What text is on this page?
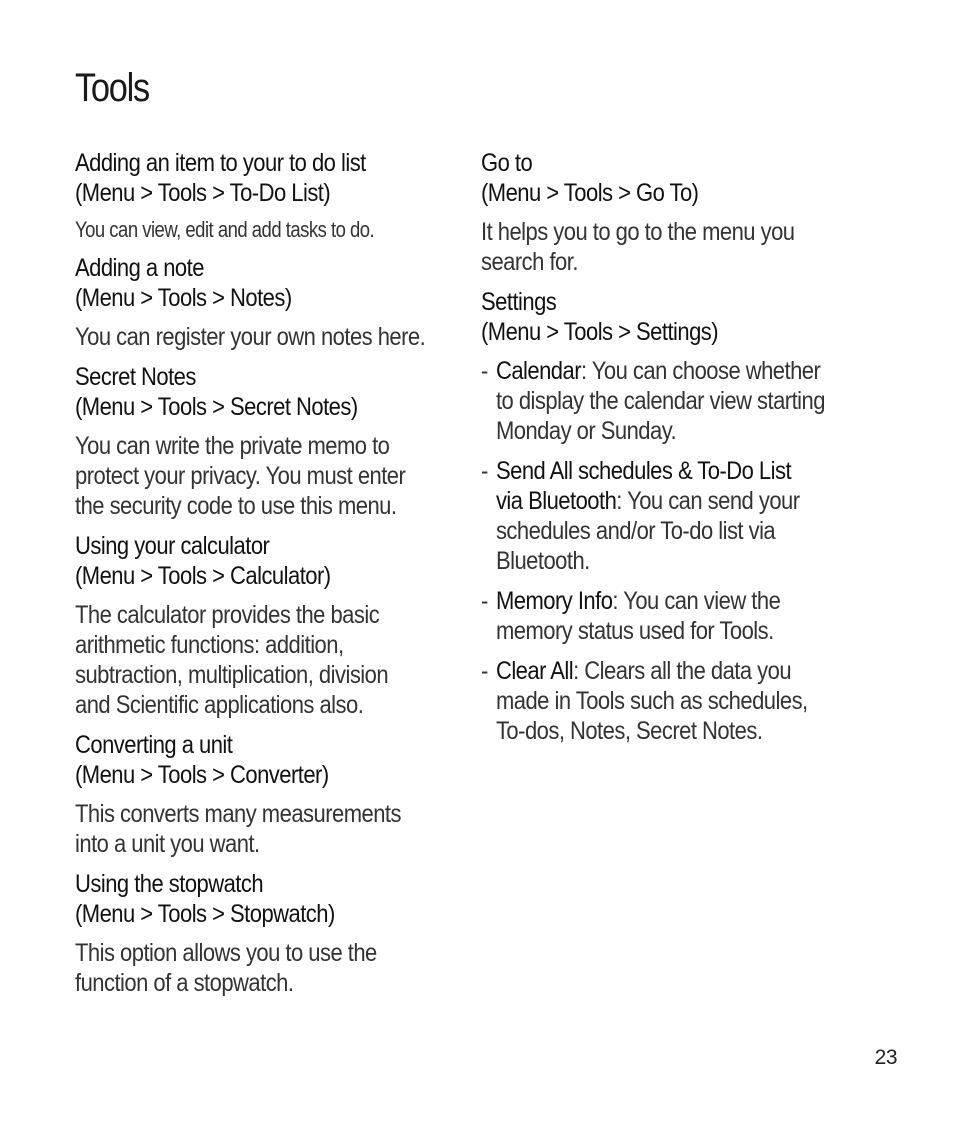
Tools
Adding an item to your to do list
(Menu > Tools > To-Do List)

You can view, edit and add tasks to do.

Adding a note
(Menu > Tools > Notes)

You can register your own notes here.

Secret Notes
(Menu > Tools > Secret Notes)

You can write the private memo to
protect your privacy. You must enter
the security code to use this menu.

Using your calculator
(Menu > Tools > Calculator)

The calculator provides the basic
arithmetic functions: addition,
subtraction, multiplication, division
and Scientific applications also.

Converting a unit
(Menu > Tools > Converter)

This converts many measurements
into a unit you want.

Using the stopwatch
(Menu > Tools > Stopwatch)

This option allows you to use the
function of a stopwatch.

Go to
(Menu > Tools > Go To)

It helps you to go to the menu you
search for.

Settings
(Menu > Tools > Settings)
- Calendar: You can choose whether
to display the calendar view starting
Monday or Sunday.
- Send All schedules & To-Do List
via Bluetooth: You can send your
schedules and/or To-do list via
Bluetooth.
- Memory Info: You can view the
memory status used for Tools.
- Clear All: Clears all the data you
made in Tools such as schedules,
To-dos, Notes, Secret Notes.
23
